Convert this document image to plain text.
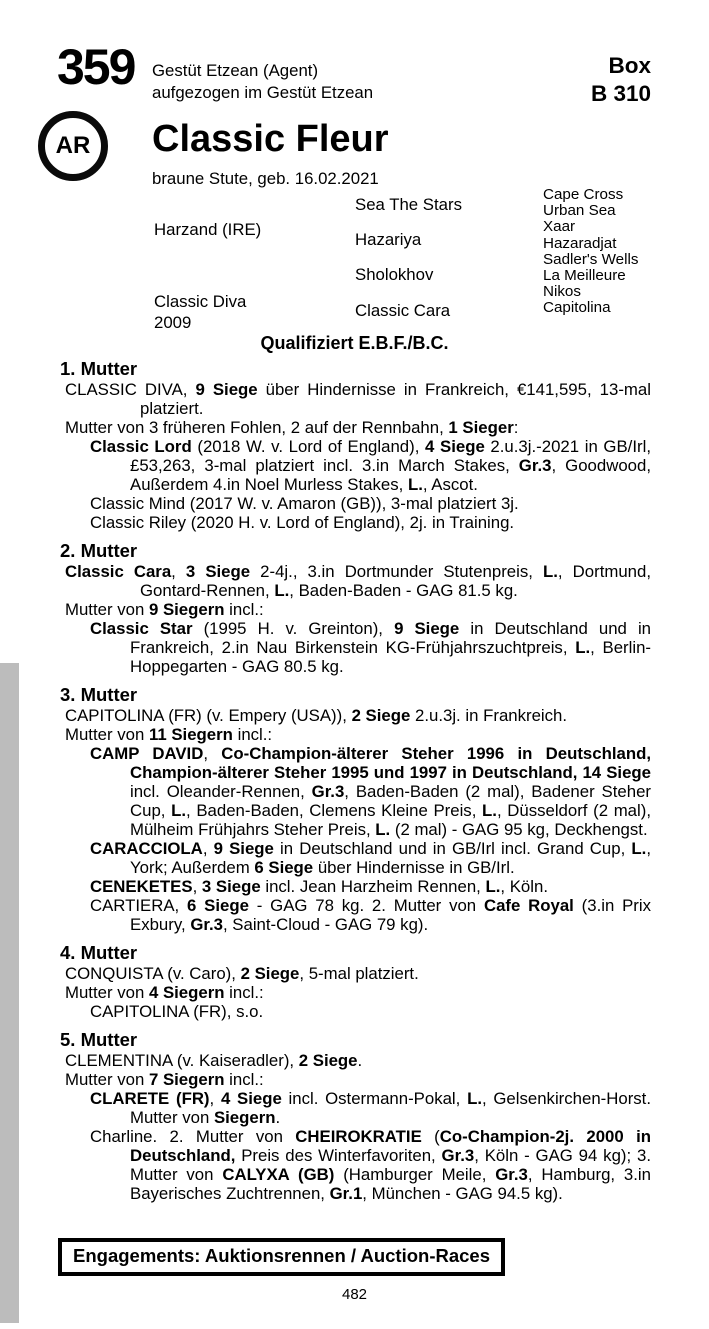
359 Gestüt Etzean (Agent)
aufgezogen im Gestüt Etzean
Box
B 310
AR Classic Fleur
braune Stute, geb. 16.02.2021
Harzand (IRE)
Classic Diva
2009
Sea The Stars
Hazariya
Sholokhov
Classic Cara
Cape Cross
Urban Sea
Xaar
Hazaradjat
Sadler's Wells
La Meilleure
Nikos
Capitolina
Qualifiziert E.B.F./B.C.
1. Mutter

CLASSIC DIVA, 9 Siege über Hindernisse in Frankreich, €141,595, 13-mal platziert.

Mutter von 3 früheren Fohlen, 2 auf der Rennbahn, 1 Sieger:

Classic Lord (2018 W. v. Lord of England), 4 Siege 2.u.3j.-2021 in GB/Irl, £53,263, 3-mal platziert incl. 3.in March Stakes, Gr.3, Goodwood, Außerdem 4.in Noel Murless Stakes, L., Ascot.

Classic Mind (2017 W. v. Amaron (GB)), 3-mal platziert 3j.

Classic Riley (2020 H. v. Lord of England), 2j. in Training.

2. Mutter

Classic Cara, 3 Siege 2-4j., 3.in Dortmunder Stutenpreis, L., Dortmund, Gontard-Rennen, L., Baden-Baden - GAG 81.5 kg.

Mutter von 9 Siegern incl.:

Classic Star (1995 H. v. Greinton), 9 Siege in Deutschland und in Frankreich, 2.in Nau Birkenstein KG-Frühjahrszuchtpreis, L., Berlin-Hoppegarten - GAG 80.5 kg.

3. Mutter

CAPITOLINA (FR) (v. Empery (USA)), 2 Siege 2.u.3j. in Frankreich.

Mutter von 11 Siegern incl.:

CAMP DAVID, Co-Champion-älterer Steher 1996 in Deutschland, Champion-älterer Steher 1995 und 1997 in Deutschland, 14 Siege incl. Oleander-Rennen, Gr.3, Baden-Baden (2 mal), Badener Steher Cup, L., Baden-Baden, Clemens Kleine Preis, L., Düsseldorf (2 mal), Mülheim Frühjahrs Steher Preis, L. (2 mal) - GAG 95 kg, Deckhengst.

CARACCIOLA, 9 Siege in Deutschland und in GB/Irl incl. Grand Cup, L., York; Außerdem 6 Siege über Hindernisse in GB/Irl.

CENEKETES, 3 Siege incl. Jean Harzheim Rennen, L., Köln.

CARTIERA, 6 Siege - GAG 78 kg. 2. Mutter von Cafe Royal (3.in Prix Exbury, Gr.3, Saint-Cloud - GAG 79 kg).

4. Mutter

CONQUISTA (v. Caro), 2 Siege, 5-mal platziert.

Mutter von 4 Siegern incl.:

CAPITOLINA (FR), s.o.

5. Mutter

CLEMENTINA (v. Kaiseradler), 2 Siege.

Mutter von 7 Siegern incl.:

CLARETE (FR), 4 Siege incl. Ostermann-Pokal, L., Gelsenkirchen-Horst. Mutter von Siegern.

Charline. 2. Mutter von CHEIROKRATIE (Co-Champion-2j. 2000 in Deutschland, Preis des Winterfavoriten, Gr.3, Köln - GAG 94 kg); 3. Mutter von CALYXA (GB) (Hamburger Meile, Gr.3, Hamburg, 3.in Bayerisches Zuchtrennen, Gr.1, München - GAG 94.5 kg).

Engagements: Auktionsrennen / Auction-Races
482
